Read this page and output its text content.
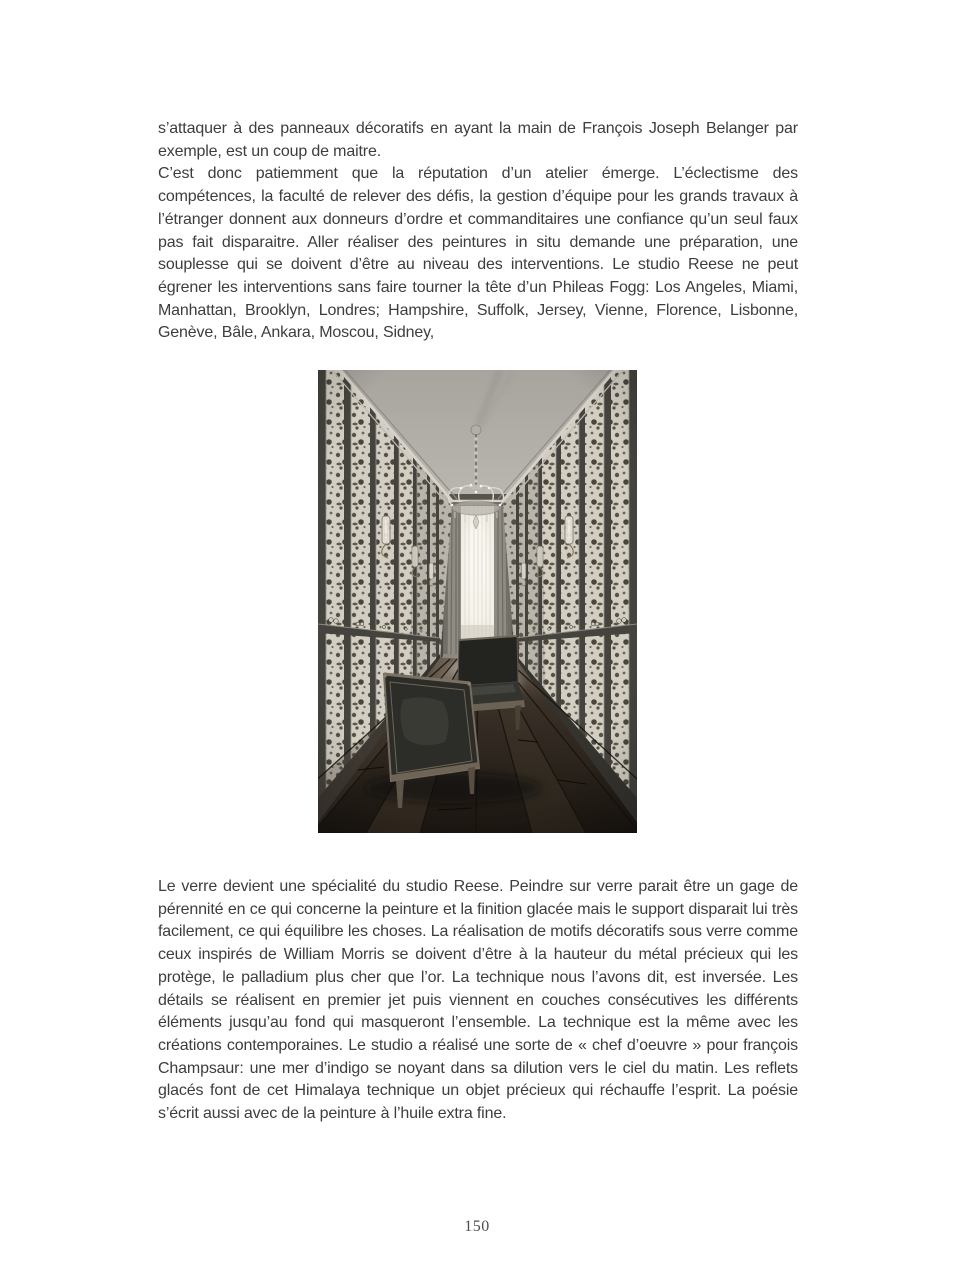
s’attaquer à des panneaux décoratifs en ayant la main de François Joseph Belanger par exemple, est un coup de maitre.

C’est donc patiemment que la réputation d’un atelier émerge. L’éclectisme des compétences, la faculté de relever des défis, la gestion d’équipe pour les grands travaux à l’étranger donnent aux donneurs d’ordre et commanditaires une confiance qu’un seul faux pas fait disparaitre. Aller réaliser des peintures in situ demande une préparation, une souplesse qui se doivent d’être au niveau des interventions. Le studio Reese ne peut égrener les interventions sans faire tourner la tête d’un Phileas Fogg: Los Angeles, Miami, Manhattan, Brooklyn, Londres; Hampshire, Suffolk, Jersey, Vienne, Florence, Lisbonne, Genève, Bâle, Ankara, Moscou, Sidney,

Le verre devient une spécialité du studio Reese. Peindre sur verre parait être un gage de pérennité en ce qui concerne la peinture et la finition glacée mais le support disparait lui très facilement, ce qui équilibre les choses. La réalisation de motifs décoratifs sous verre comme ceux inspirés de William Morris se doivent d’être à la hauteur du métal précieux qui les protège, le palladium plus cher que l’or. La technique nous l’avons dit, est inversée. Les détails se réalisent en premier jet puis viennent en couches consécutives les différents éléments jusqu’au fond qui masqueront l’ensemble. La technique est la même avec les créations contemporaines. Le studio a réalisé une sorte de « chef d’oeuvre » pour françois Champsaur: une mer d’indigo se noyant dans sa dilution vers le ciel du matin. Les reflets glacés font de cet Himalaya technique un objet précieux qui réchauffe l’esprit. La poésie s’écrit aussi avec de la peinture à l’huile extra fine.

150
